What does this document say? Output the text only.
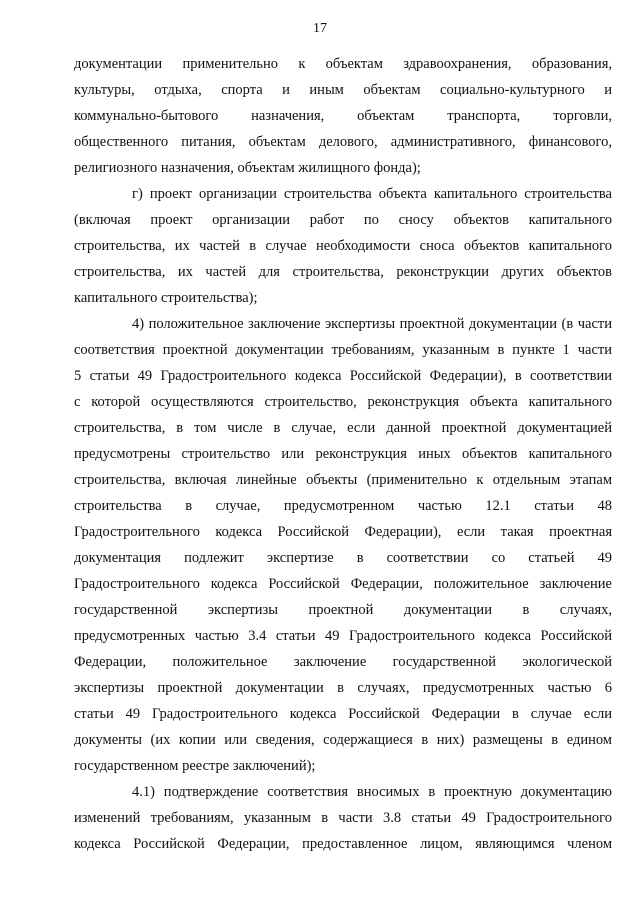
17

документации применительно к объектам здравоохранения, образования,
культуры, отдыха, спорта и иным объектам социально-культурного и
коммунально-бытового назначения, объектам транспорта, торговли,
общественного питания, объектам делового, административного, финансового,
религиозного назначения, объектам жилищного фонда);

г) проект организации строительства объекта капитального строительства
(включая проект организации работ по сносу объектов капитального
строительства, их частей в случае необходимости сноса объектов капитального
строительства, их частей для строительства, реконструкции других объектов
капитального строительства);

4) положительное заключение экспертизы проектной документации (в части
соответствия проектной документации требованиям, указанным в пункте 1 части
5 статьи 49 Градостроительного кодекса Российской Федерации), в соответствии
с которой осуществляются строительство, реконструкция объекта капитального
строительства, в том числе в случае, если данной проектной документацией
предусмотрены строительство или реконструкция иных объектов капитального
строительства, включая линейные объекты (применительно к отдельным этапам
строительства в случае, предусмотренном частью 12.1 статьи 48
Градостроительного кодекса Российской Федерации), если такая проектная
документация подлежит экспертизе в соответствии со статьей 49
Градостроительного кодекса Российской Федерации, положительное заключение
государственной экспертизы проектной документации в случаях,
предусмотренных частью 3.4 статьи 49 Градостроительного кодекса Российской
Федерации, положительное заключение государственной экологической
экспертизы проектной документации в случаях, предусмотренных частью 6
статьи 49 Градостроительного кодекса Российской Федерации в случае если
документы (их копии или сведения, содержащиеся в них) размещены в едином
государственном реестре заключений);

4.1) подтверждение соответствия вносимых в проектную документацию
изменений требованиям, указанным в части 3.8 статьи 49 Градостроительного
кодекса Российской Федерации, предоставленное лицом, являющимся членом
